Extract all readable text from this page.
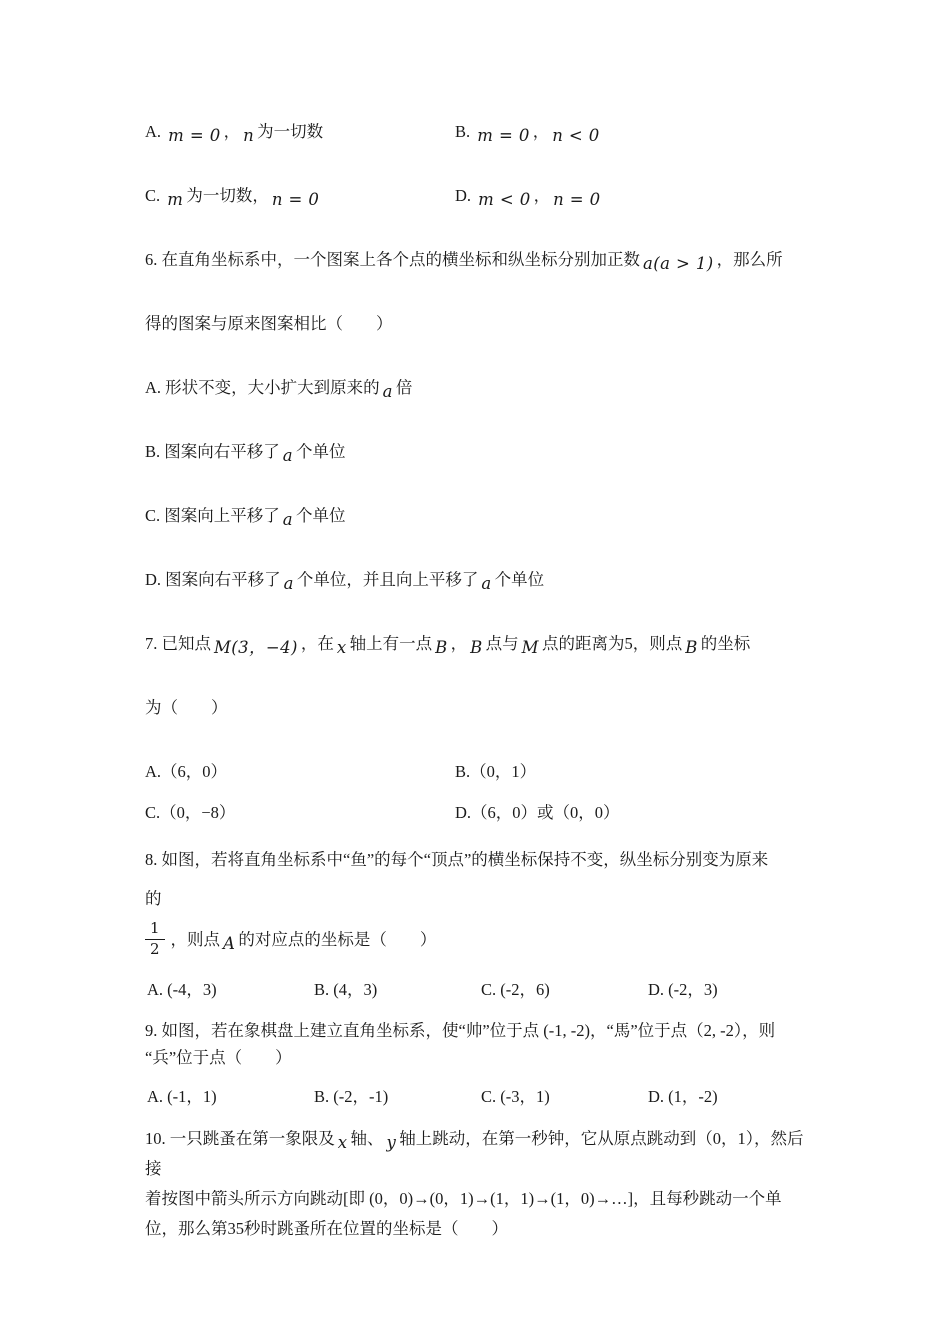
A. m = 0 ， n 为一切数	B. m = 0 ， n < 0
C. m 为一切数， n = 0	D. m < 0 ， n = 0
6. 在直角坐标系中，一个图案上各个点的横坐标和纵坐标分别加正数 a(a > 1) ，那么所
得的图案与原来图案相比（　　）
A. 形状不变，大小扩大到原来的 a 倍
B. 图案向右平移了 a 个单位
C. 图案向上平移了 a 个单位
D. 图案向右平移了 a 个单位，并且向上平移了 a 个单位
7. 已知点 M(3，−4) ，在 x 轴上有一点 B ， B 点与 M 点的距离为5，则点 B 的坐标
为（　　）
A.（6，0）	B.（0，1）
C.（0，−8）	D.（6，0）或（0，0）
8. 如图，若将直角坐标系中“鱼”的每个“顶点”的横坐标保持不变，纵坐标分别变为原来
的
$\frac{1}{2}$ ，则点 A 的对应点的坐标是（　　）
A. (-4，3)	B. (4，3)	C. (-2，6)	D. (-2，3)
9. 如图，若在象棋盘上建立直角坐标系，使“帅”位于点 (-1, -2)，“馬”位于点（2, -2），则
“兵”位于点（　　）
A. (-1，1)	B. (-2，-1)	C. (-3，1)	D. (1，-2)
10. 一只跳蚤在第一象限及 x 轴、 y 轴上跳动，在第一秒钟，它从原点跳动到（0，1），然后接
着按图中箭头所示方向跳动[即 (0，0)→(0，1)→(1，1)→(1，0)→…]，且每秒跳动一个单
位，那么第35秒时跳蚤所在位置的坐标是（　　）
